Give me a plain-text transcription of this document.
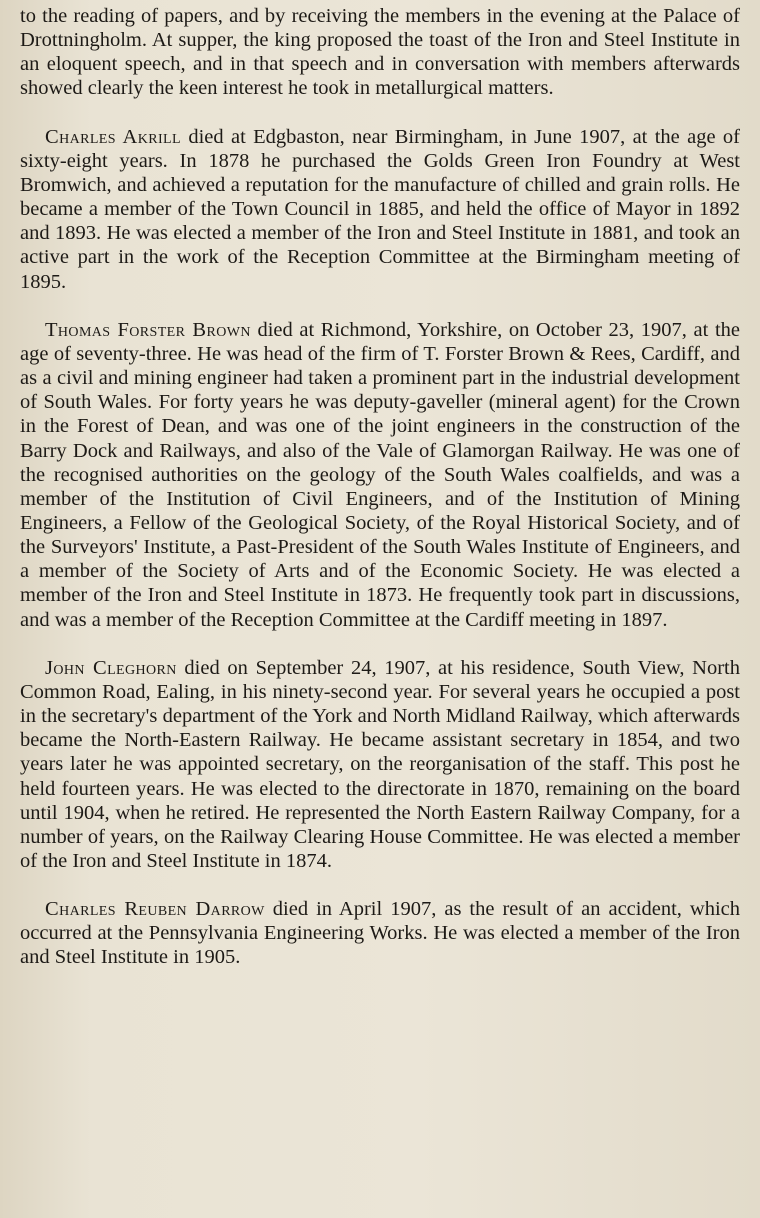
to the reading of papers, and by receiving the members in the evening at the Palace of Drottningholm. At supper, the king proposed the toast of the Iron and Steel Institute in an eloquent speech, and in that speech and in conversation with members afterwards showed clearly the keen interest he took in metallurgical matters.

Charles Akrill died at Edgbaston, near Birmingham, in June 1907, at the age of sixty-eight years. In 1878 he purchased the Golds Green Iron Foundry at West Bromwich, and achieved a reputation for the manufacture of chilled and grain rolls. He became a member of the Town Council in 1885, and held the office of Mayor in 1892 and 1893. He was elected a member of the Iron and Steel Institute in 1881, and took an active part in the work of the Reception Committee at the Birmingham meeting of 1895.

Thomas Forster Brown died at Richmond, Yorkshire, on October 23, 1907, at the age of seventy-three. He was head of the firm of T. Forster Brown & Rees, Cardiff, and as a civil and mining engineer had taken a prominent part in the industrial development of South Wales. For forty years he was deputy-gaveller (mineral agent) for the Crown in the Forest of Dean, and was one of the joint engineers in the construction of the Barry Dock and Railways, and also of the Vale of Glamorgan Railway. He was one of the recognised authorities on the geology of the South Wales coalfields, and was a member of the Institution of Civil Engineers, and of the Institution of Mining Engineers, a Fellow of the Geological Society, of the Royal Historical Society, and of the Surveyors' Institute, a Past-President of the South Wales Institute of Engineers, and a member of the Society of Arts and of the Economic Society. He was elected a member of the Iron and Steel Institute in 1873. He frequently took part in discussions, and was a member of the Reception Committee at the Cardiff meeting in 1897.

John Cleghorn died on September 24, 1907, at his residence, South View, North Common Road, Ealing, in his ninety-second year. For several years he occupied a post in the secretary's department of the York and North Midland Railway, which afterwards became the North-Eastern Railway. He became assistant secretary in 1854, and two years later he was appointed secretary, on the reorganisation of the staff. This post he held fourteen years. He was elected to the directorate in 1870, remaining on the board until 1904, when he retired. He represented the North Eastern Railway Company, for a number of years, on the Railway Clearing House Committee. He was elected a member of the Iron and Steel Institute in 1874.

Charles Reuben Darrow died in April 1907, as the result of an accident, which occurred at the Pennsylvania Engineering Works. He was elected a member of the Iron and Steel Institute in 1905.
